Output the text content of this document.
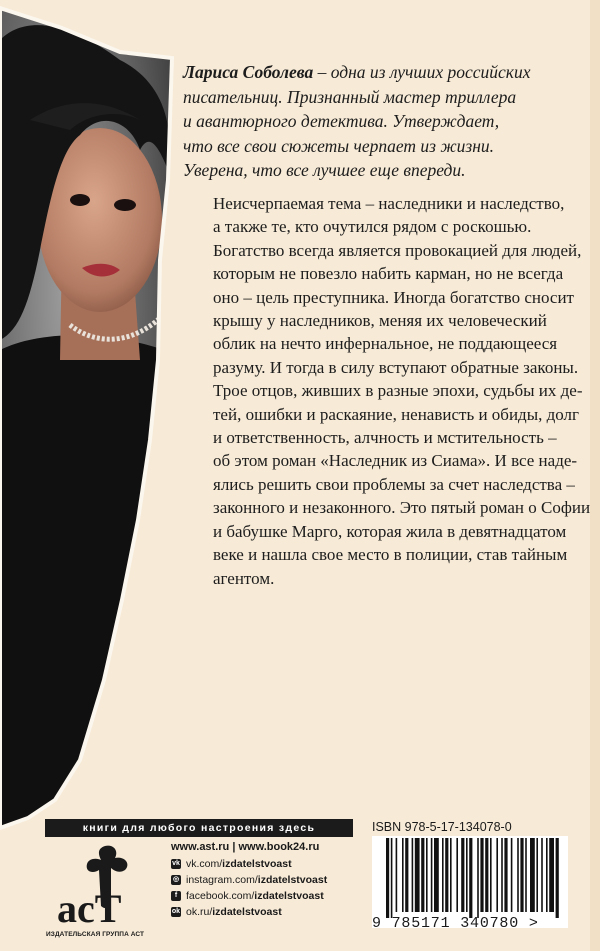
Лариса Соболева – одна из лучших российских
писательниц. Признанный мастер триллера
и авантюрного детектива. Утверждает,
что все свои сюжеты черпает из жизни.
Уверена, что все лучшее еще впереди.

Неисчерпаемая тема – наследники и наследство,
а также те, кто очутился рядом с роскошью.
Богатство всегда является провокацией для людей,
которым не повезло набить карман, но не всегда
оно – цель преступника. Иногда богатство сносит
крышу у наследников, меняя их человеческий
облик на нечто инфернальное, не поддающееся
разуму. И тогда в силу вступают обратные законы.
Трое отцов, живших в разные эпохи, судьбы их де-
тей, ошибки и раскаяние, ненависть и обиды, долг
и ответственность, алчность и мстительность –
об этом роман «Наследник из Сиама». И все наде-
ялись решить свои проблемы за счет наследства –
законного и незаконного. Это пятый роман о Софии
и бабушке Марго, которая жила в девятнадцатом
веке и нашла свое место в полиции, став тайным
агентом.
книги для любого настроения здесь
acT
ИЗДАТЕЛЬСКАЯ ГРУППА АСТ
www.ast.ru | www.book24.ru
vk vk.com/ izdatelstvoast
◎ instagram.com/ izdatelstvoast
f facebook.com/ izdatelstvoast
ok ok.ru/ izdatelstvoast
ISBN 978-5-17-134078-0
9 785171 340780 >
